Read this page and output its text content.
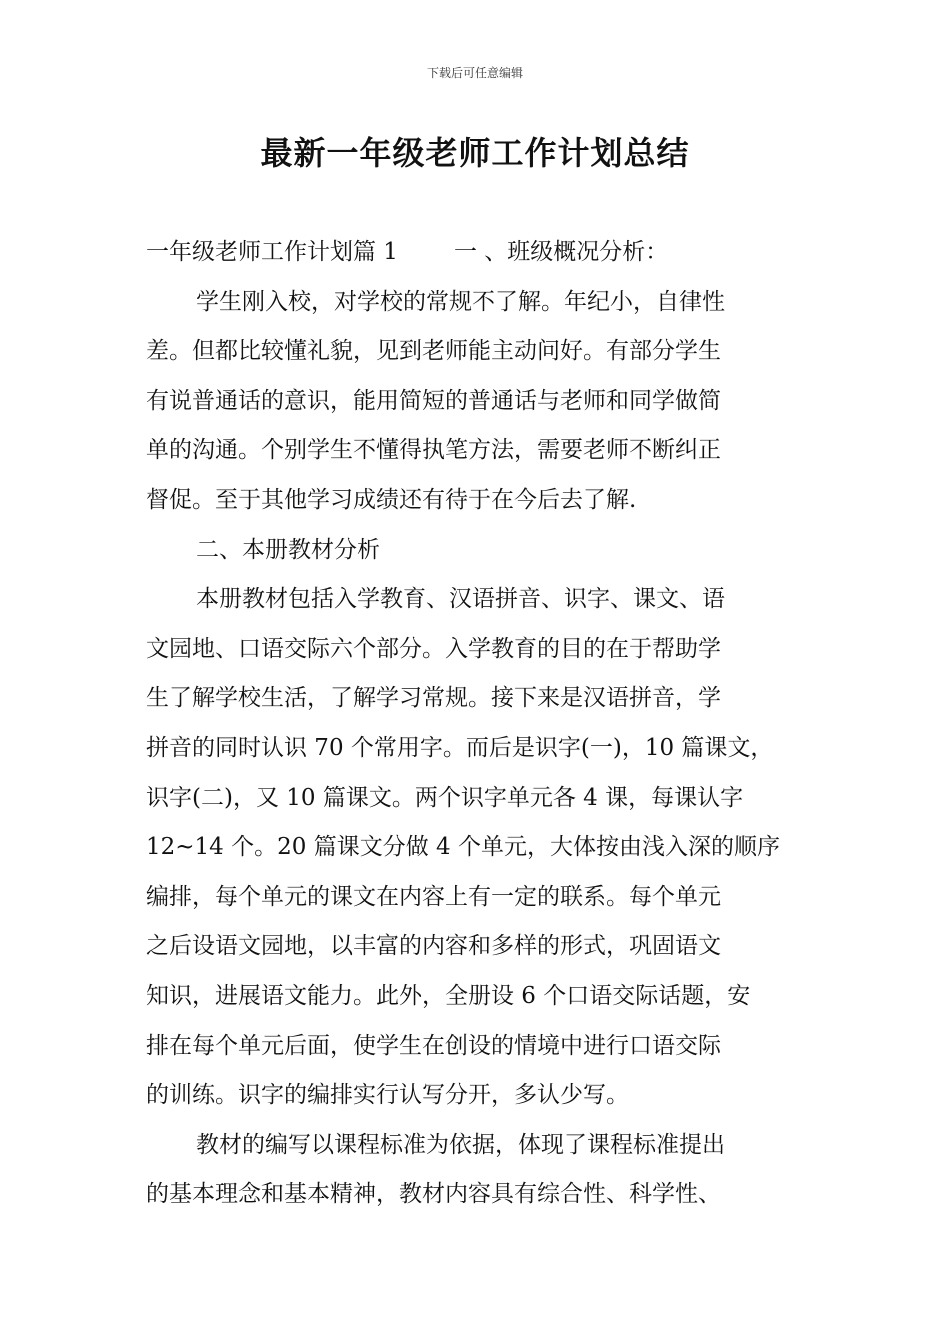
下载后可任意编辑
最新一年级老师工作计划总结
一年级老师工作计划篇 1 一 、班级概况分析：
学生刚入校，对学校的常规不了解。年纪小，自律性
差。但都比较懂礼貌，见到老师能主动问好。有部分学生
有说普通话的意识，能用简短的普通话与老师和同学做简
单的沟通。个别学生不懂得执笔方法，需要老师不断纠正
督促。至于其他学习成绩还有待于在今后去了解.
二、本册教材分析
本册教材包括入学教育、汉语拼音、识字、课文、语
文园地、口语交际六个部分。入学教育的目的在于帮助学
生了解学校生活，了解学习常规。接下来是汉语拼音，学
拼音的同时认识 70 个常用字。而后是识字(一)，10 篇课文，
识字(二)，又 10 篇课文。两个识字单元各 4 课，每课认字
12~14 个。20 篇课文分做 4 个单元，大体按由浅入深的顺序
编排，每个单元的课文在内容上有一定的联系。每个单元
之后设语文园地，以丰富的内容和多样的形式，巩固语文
知识，进展语文能力。此外，全册设 6 个口语交际话题，安
排在每个单元后面，使学生在创设的情境中进行口语交际
的训练。识字的编排实行认写分开，多认少写。
教材的编写以课程标准为依据，体现了课程标准提出
的基本理念和基本精神，教材内容具有综合性、科学性、
